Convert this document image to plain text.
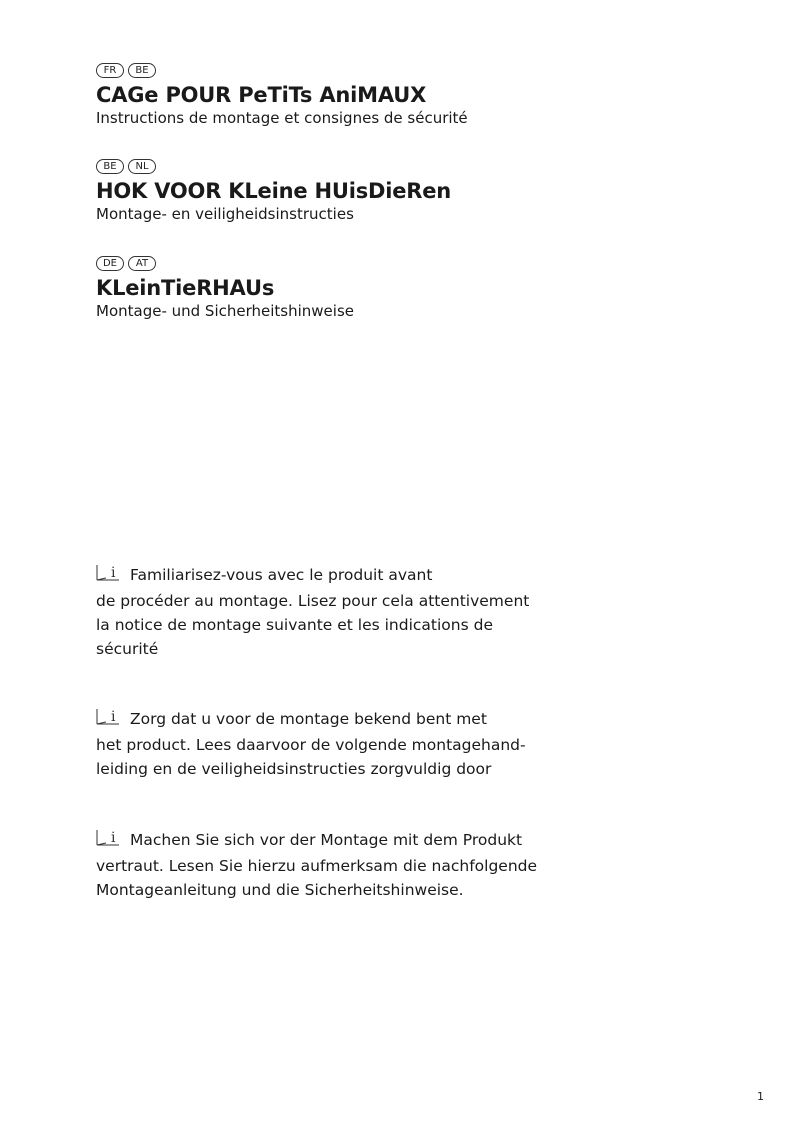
FR	BE
CAGe POUR PeTiTs AniMAUX

Instructions de montage et consignes de sécurité

BE	NL
HOK VOOR KLeine HUisDieRen

Montage- en veiligheidsinstructies

DE	AT
KLeinTieRHAUs

Montage- und Sicherheitshinweise

i Familiarisez-vous avec le produit avant
de procéder au montage. Lisez pour cela attentivement
la notice de montage suivante et les indications de
sécurité

i Zorg dat u voor de montage bekend bent met
het product. Lees daarvoor de volgende montagehand-
leiding en de veiligheidsinstructies zorgvuldig door

i Machen Sie sich vor der Montage mit dem Produkt
vertraut. Lesen Sie hierzu aufmerksam die nachfolgende
Montageanleitung und die Sicherheitshinweise.

1
